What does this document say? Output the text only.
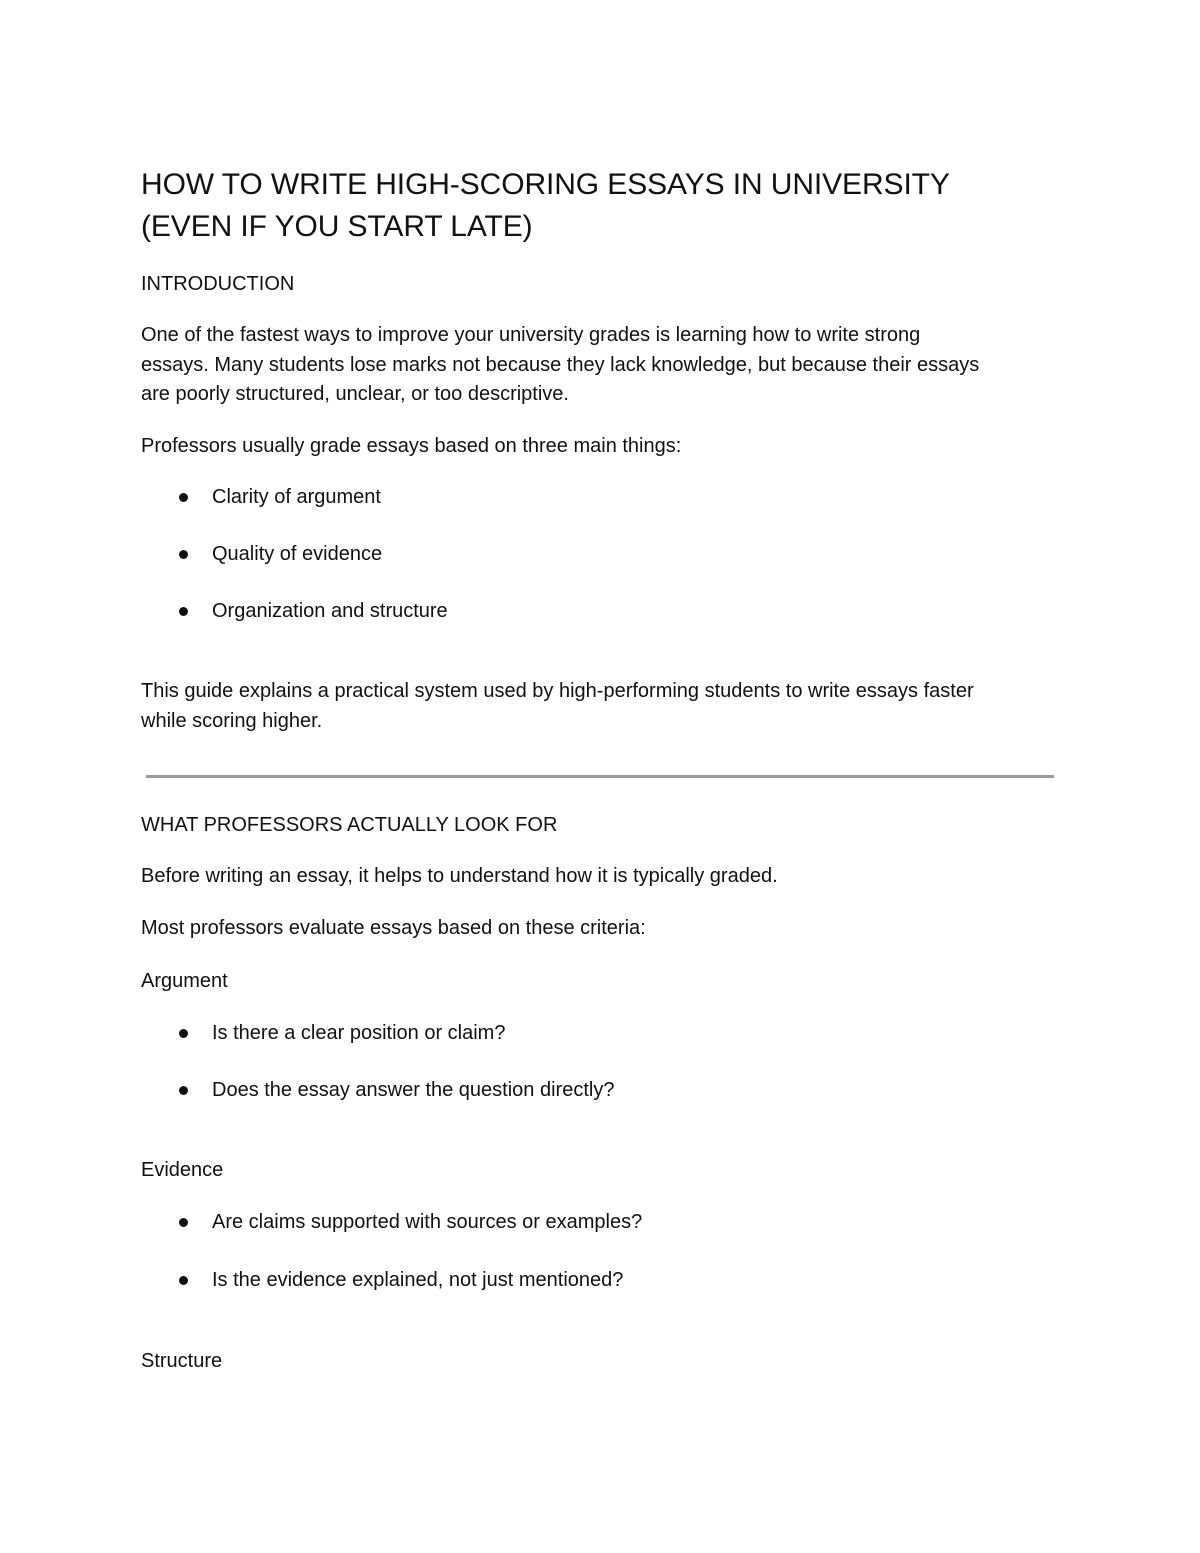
HOW TO WRITE HIGH-SCORING ESSAYS IN UNIVERSITY
(EVEN IF YOU START LATE)
INTRODUCTION
One of the fastest ways to improve your university grades is learning how to write strong
essays. Many students lose marks not because they lack knowledge, but because their essays
are poorly structured, unclear, or too descriptive.
Professors usually grade essays based on three main things:
Clarity of argument
Quality of evidence
Organization and structure
This guide explains a practical system used by high-performing students to write essays faster
while scoring higher.
WHAT PROFESSORS ACTUALLY LOOK FOR
Before writing an essay, it helps to understand how it is typically graded.
Most professors evaluate essays based on these criteria:
Argument
Is there a clear position or claim?
Does the essay answer the question directly?
Evidence
Are claims supported with sources or examples?
Is the evidence explained, not just mentioned?
Structure
